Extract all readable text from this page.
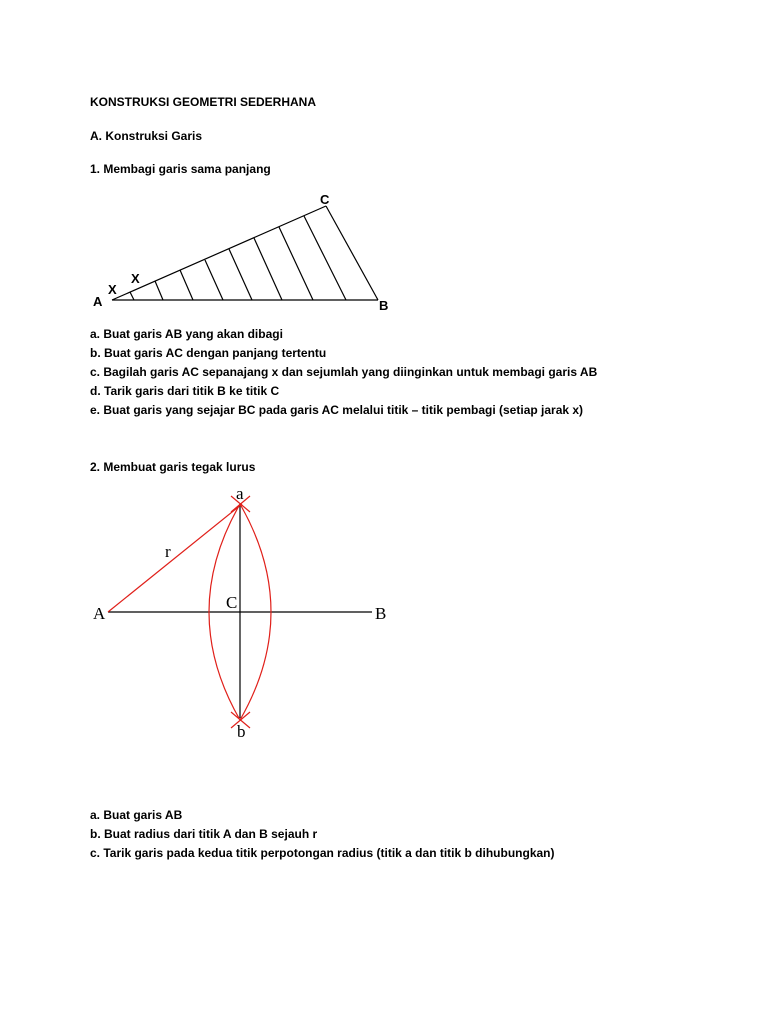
KONSTRUKSI GEOMETRI SEDERHANA

A. Konstruksi Garis

1. Membagi garis sama panjang

A	B
C
X
X

a. Buat garis AB yang akan dibagi

b. Buat garis AC dengan panjang tertentu

c. Bagilah garis AC sepanajang x dan sejumlah yang diinginkan untuk membagi garis AB

d. Tarik garis dari titik B ke titik C

e. Buat garis yang sejajar BC pada garis AC melalui titik – titik pembagi (setiap jarak x)

2. Membuat garis tegak lurus

a
b
A	B
C
r

a. Buat garis AB

b. Buat radius dari titik A dan B sejauh r

c. Tarik garis pada kedua titik perpotongan radius (titik a dan titik b dihubungkan)
